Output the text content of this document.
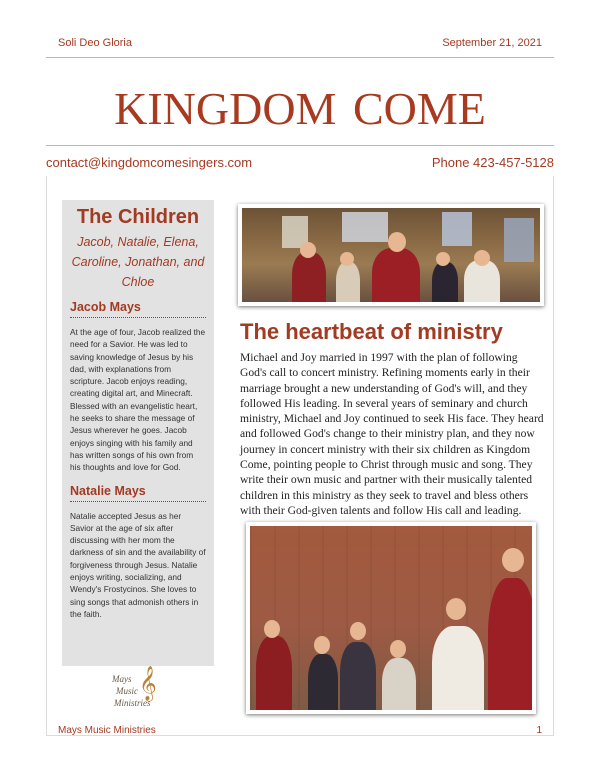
Soli Deo Gloria	September 21, 2021
kingdom come
contact@kingdomcomesingers.com	Phone 423-457-5128
The Children
Jacob, Natalie, Elena, Caroline, Jonathan, and Chloe
Jacob Mays
At the age of four, Jacob realized the need for a Savior. He was led to saving knowledge of Jesus by his dad, with explanations from scripture. Jacob enjoys reading, creating digital art, and Minecraft. Blessed with an evangelistic heart, he seeks to share the message of Jesus wherever he goes. Jacob enjoys singing with his family and has written songs of his own from his thoughts and love for God.
Natalie Mays
Natalie accepted Jesus as her Savior at the age of six after discussing with her mom the darkness of sin and the availability of forgiveness through Jesus. Natalie enjoys writing, socializing, and Wendy's Frostycinos. She loves to sing songs that admonish others in the faith.
𝄞
Mays
Music
Ministries
The heartbeat of ministry
Michael and Joy married in 1997 with the plan of following God's call to concert ministry. Refining moments early in their marriage brought a new understanding of God's will, and they followed His leading. In several years of seminary and church ministry, Michael and Joy continued to seek His face. They heard and followed God's change to their ministry plan, and they now journey in concert ministry with their six children as Kingdom Come, pointing people to Christ through music and song. They write their own music and partner with their musically talented children in this ministry as they seek to travel and bless others with their God-given talents and follow His call and leading.
Mays Music Ministries	1
